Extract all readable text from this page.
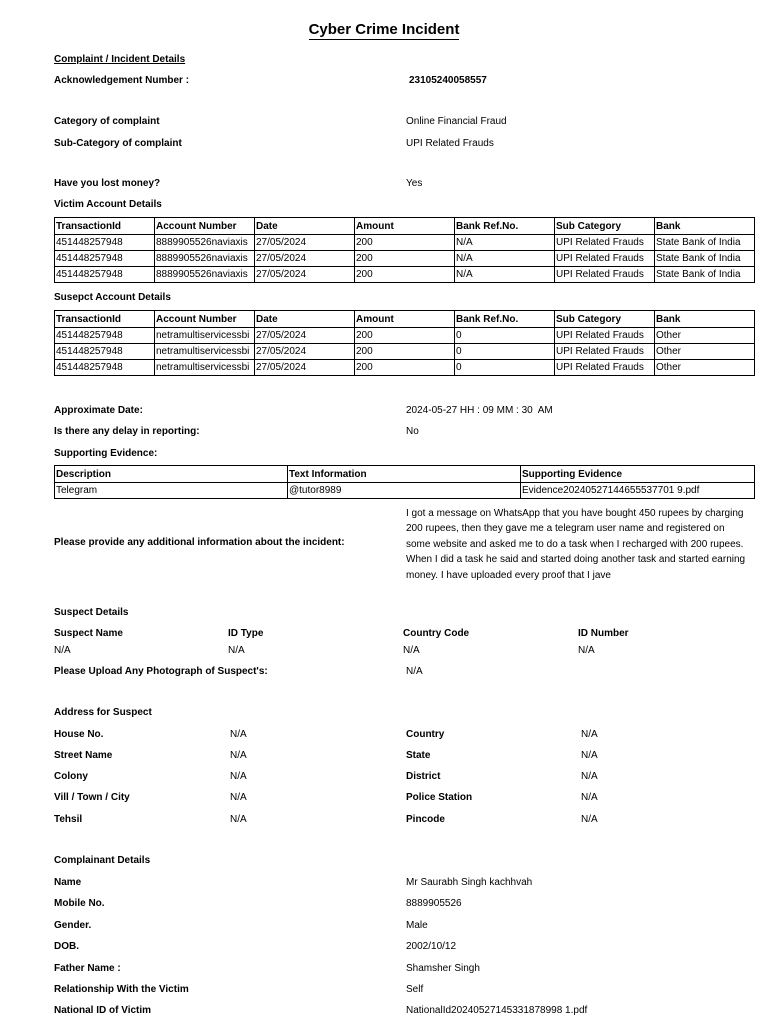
Cyber Crime Incident
Complaint / Incident Details
Acknowledgement Number :	23105240058557
Category of complaint	Online Financial Fraud
Sub-Category of complaint	UPI Related Frauds
Have you lost money?	Yes
Victim Account Details
TransactionId	Account Number	Date	Amount	Bank Ref.No.	Sub Category	Bank
451448257948	8889905526naviaxis	27/05/2024	200	N/A	UPI Related Frauds	State Bank of India
451448257948	8889905526naviaxis	27/05/2024	200	N/A	UPI Related Frauds	State Bank of India
451448257948	8889905526naviaxis	27/05/2024	200	N/A	UPI Related Frauds	State Bank of India
Susepct Account Details
TransactionId	Account Number	Date	Amount	Bank Ref.No.	Sub Category	Bank
451448257948	netramultiservicessbi	27/05/2024	200	0	UPI Related Frauds	Other
451448257948	netramultiservicessbi	27/05/2024	200	0	UPI Related Frauds	Other
451448257948	netramultiservicessbi	27/05/2024	200	0	UPI Related Frauds	Other
Approximate Date:	2024-05-27 HH : 09 MM : 30  AM
Is there any delay in reporting:	No
Supporting Evidence:
Description	Text Information	Supporting Evidence
Telegram	@tutor8989	Evidence20240527144655537701 9.pdf
Please provide any additional information about the incident:
I got a message on WhatsApp that you have bought 450 rupees by charging 200 rupees, then they gave me a telegram user name and registered on some website and asked me to do a task when I recharged with 200 rupees. When I did a task he said and started doing another task and started earning money. I have uploaded every proof that I jave
Suspect Details
Suspect Name	ID Type	Country Code	ID Number
N/A	N/A	N/A	N/A
Please Upload Any Photograph of Suspect's:	N/A
Address for Suspect
House No.	N/A	Country	N/A
Street Name	N/A	State	N/A
Colony	N/A	District	N/A
Vill / Town / City	N/A	Police Station	N/A
Tehsil	N/A	Pincode	N/A
Complainant Details
Name	Mr Saurabh Singh kachhvah
Mobile No.	8889905526
Gender.	Male
DOB.	2002/10/12
Father Name :	Shamsher Singh
Relationship With the Victim	Self
National ID of Victim	NationalId20240527145331878998 1.pdf
